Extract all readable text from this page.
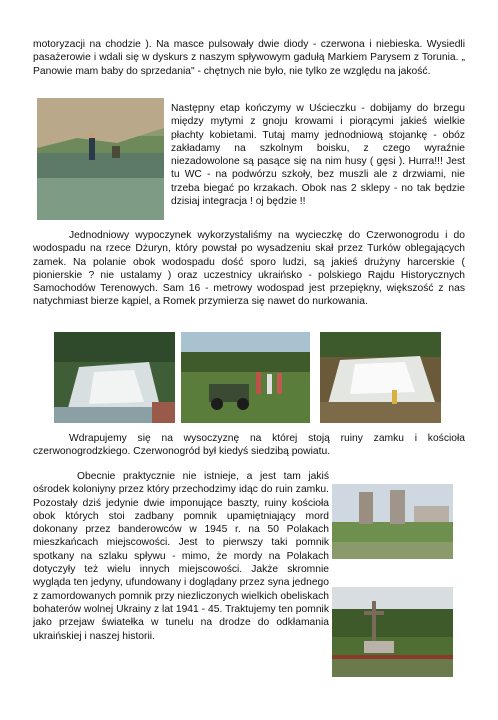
motoryzacji na chodzie ). Na masce pulsowały dwie diody - czerwona i niebieska. Wysiedli pasażerowie i wdali się w dyskurs z naszym spływowym gadułą Markiem Parysem z Torunia. „ Panowie mam baby do sprzedania" - chętnych nie było, nie tylko ze względu na jakość.

Następny etap kończymy w Uścieczku - dobijamy do brzegu między mytymi z gnoju krowami i piorącymi jakieś wielkie płachty kobietami. Tutaj mamy jednodniową stojankę - obóz zakładamy na szkolnym boisku, z czego wyraźnie niezadowolone są pasące się na nim husy ( gęsi ). Hurra!!! Jest tu WC - na podwórzu szkoły, bez muszli ale z drzwiami, nie trzeba biegać po krzakach. Obok nas 2 sklepy - no tak będzie dzisiaj integracja ! oj będzie !!

Jednodniowy wypoczynek wykorzystaliśmy na wycieczkę do Czerwonogrodu i do wodospadu na rzece Dżuryn, który powstał po wysadzeniu skał przez Turków oblegających zamek. Na polanie obok wodospadu dość sporo ludzi, są jakieś drużyny harcerskie ( pionierskie ? nie ustalamy ) oraz uczestnicy ukraińsko - polskiego Rajdu Historycznych Samochodów Terenowych. Sam 16 - metrowy wodospad jest przepiękny, większość z nas natychmiast bierze kąpiel, a Romek przymierza się nawet do nurkowania.

Wdrapujemy się na wysoczyznę na której stoją ruiny zamku i kościoła czerwonogrodzkiego. Czerwonogród był kiedyś siedzibą powiatu.

Obecnie praktycznie nie istnieje, a jest tam jakiś ośrodek koloniyny przez który przechodzimy idąc do ruin zamku. Pozostały dziś jedynie dwie imponujące baszty, ruiny kościoła obok których stoi zadbany pomnik upamiętniający mord dokonany przez banderowców w 1945 r. na 50 Polakach mieszkańcach miejscowości. Jest to pierwszy taki pomnik spotkany na szlaku spływu - mimo, że mordy na Polakach dotyczyły też wielu innych miejscowości. Jakże skromnie wygląda ten jedyny, ufundowany i doglądany przez syna jednego z zamordowanych pomnik przy niezliczonych wielkich obeliskach bohaterów wolnej Ukrainy z lat 1941 - 45. Traktujemy ten pomnik jako przejaw światełka w tunelu na drodze do odkłamania ukraińskiej i naszej historii.
